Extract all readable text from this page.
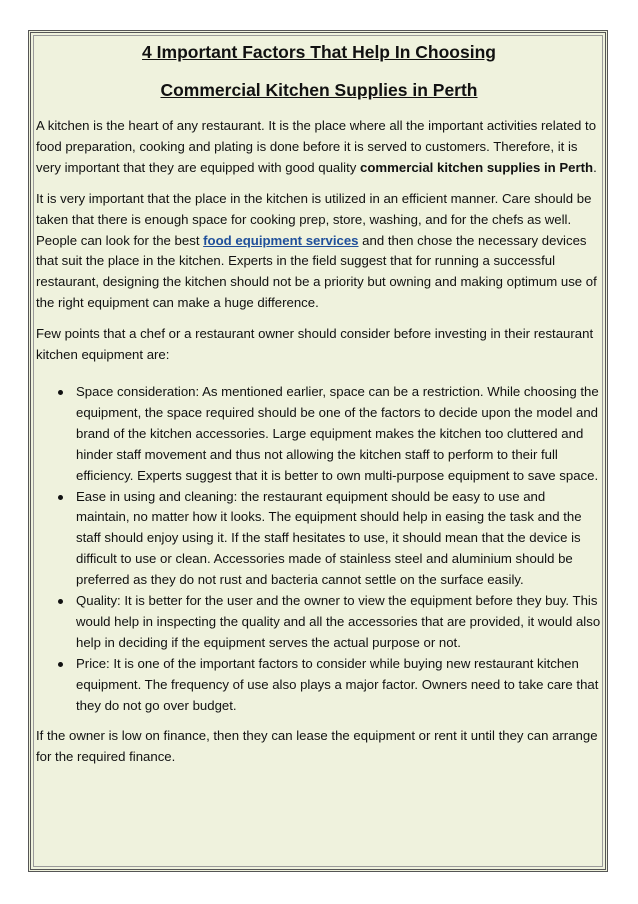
4 Important Factors That Help In Choosing
Commercial Kitchen Supplies in Perth

A kitchen is the heart of any restaurant. It is the place where all the important activities related to food preparation, cooking and plating is done before it is served to customers. Therefore, it is very important that they are equipped with good quality commercial kitchen supplies in Perth.

It is very important that the place in the kitchen is utilized in an efficient manner. Care should be taken that there is enough space for cooking prep, store, washing, and for the chefs as well. People can look for the best food equipment services and then chose the necessary devices that suit the place in the kitchen. Experts in the field suggest that for running a successful restaurant, designing the kitchen should not be a priority but owning and making optimum use of the right equipment can make a huge difference.

Few points that a chef or a restaurant owner should consider before investing in their restaurant kitchen equipment are:

Space consideration: As mentioned earlier, space can be a restriction. While choosing the equipment, the space required should be one of the factors to decide upon the model and brand of the kitchen accessories. Large equipment makes the kitchen too cluttered and hinder staff movement and thus not allowing the kitchen staff to perform to their full efficiency. Experts suggest that it is better to own multi-purpose equipment to save space.
Ease in using and cleaning: the restaurant equipment should be easy to use and maintain, no matter how it looks. The equipment should help in easing the task and the staff should enjoy using it. If the staff hesitates to use, it should mean that the device is difficult to use or clean. Accessories made of stainless steel and aluminium should be preferred as they do not rust and bacteria cannot settle on the surface easily.
Quality: It is better for the user and the owner to view the equipment before they buy. This would help in inspecting the quality and all the accessories that are provided, it would also help in deciding if the equipment serves the actual purpose or not.
Price: It is one of the important factors to consider while buying new restaurant kitchen equipment. The frequency of use also plays a major factor. Owners need to take care that they do not go over budget.

If the owner is low on finance, then they can lease the equipment or rent it until they can arrange for the required finance.
